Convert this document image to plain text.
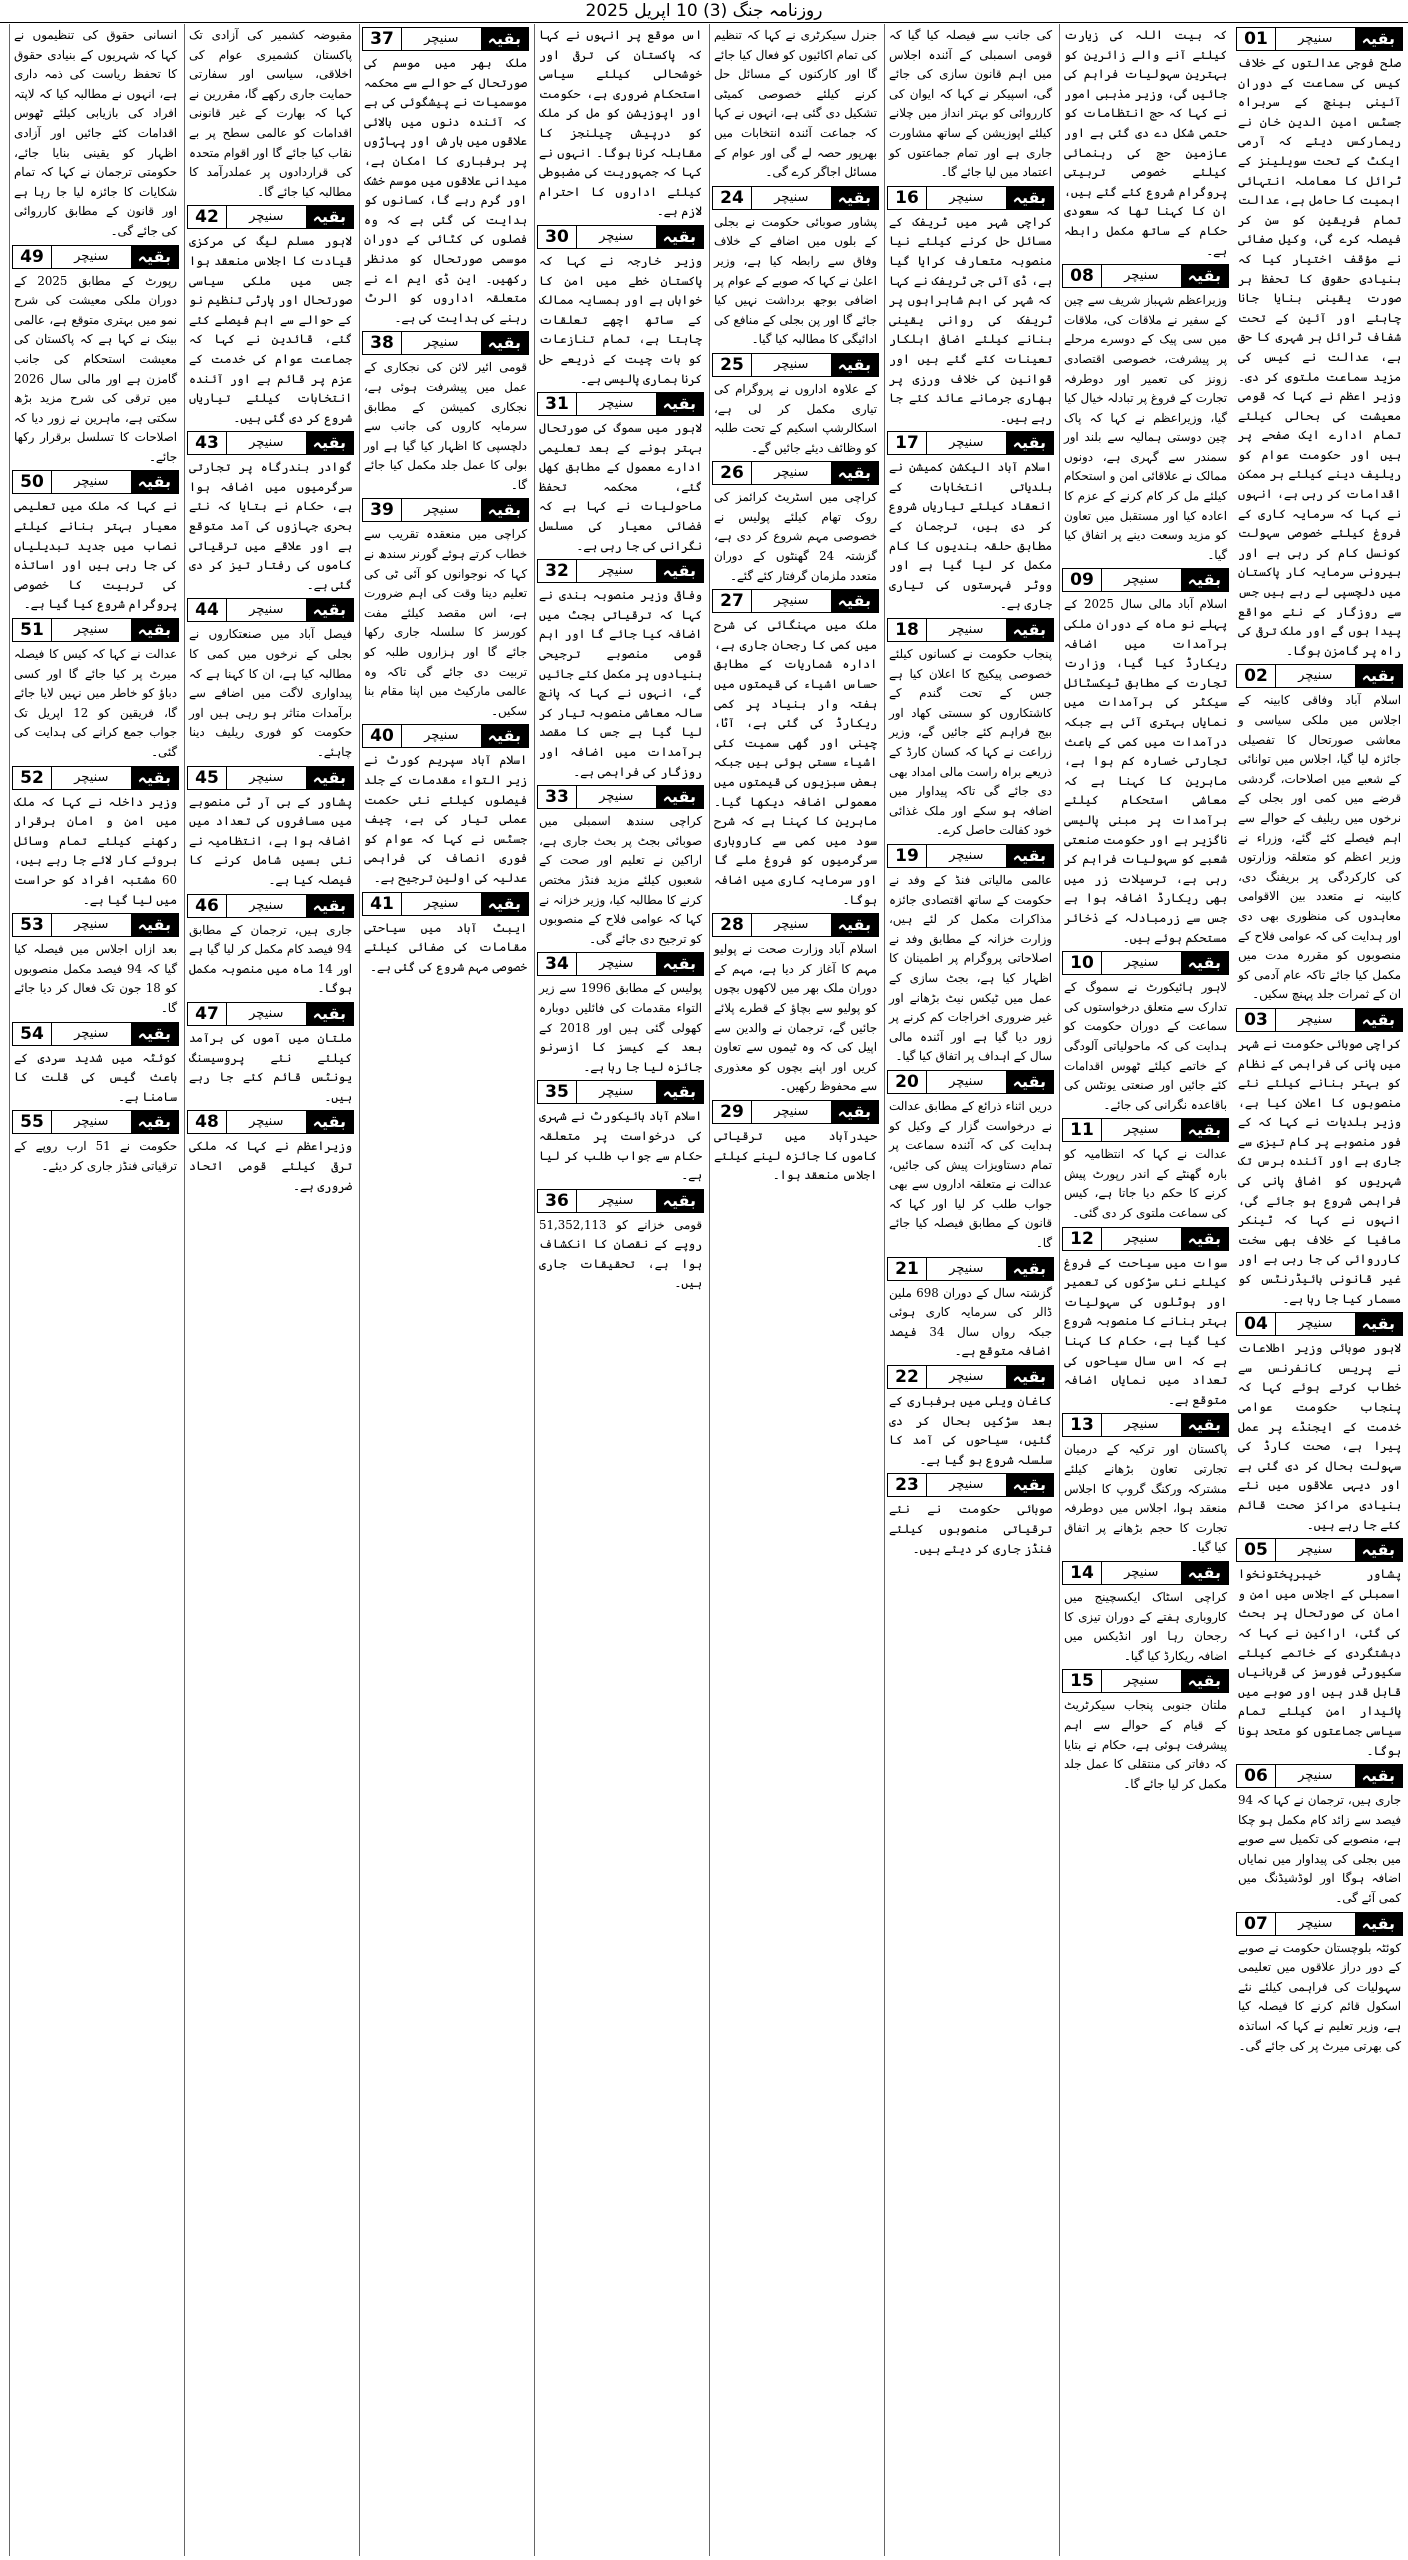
روزنامہ جنگ (3) 10 اپریل 2025
01	سنیچر	بقیہ
صلح فوجی عدالتوں کے خلاف کیس کی سماعت کے دوران آئینی بینچ کے سربراہ جسٹس امین الدین خان نے ریمارکس دیئے کہ آرمی ایکٹ کے تحت سویلینز کے ٹرائل کا معاملہ انتہائی اہمیت کا حامل ہے، عدالت تمام فریقین کو سن کر فیصلہ کرے گی، وکیل صفائی نے مؤقف اختیار کیا کہ بنیادی حقوق کا تحفظ ہر صورت یقینی بنایا جانا چاہئے اور آئین کے تحت شفاف ٹرائل ہر شہری کا حق ہے، عدالت نے کیس کی مزید سماعت ملتوی کر دی۔ وزیر اعظم نے کہا کہ قومی معیشت کی بحالی کیلئے تمام ادارے ایک صفحے پر ہیں اور حکومت عوام کو ریلیف دینے کیلئے ہر ممکن اقدامات کر رہی ہے، انہوں نے کہا کہ سرمایہ کاری کے فروغ کیلئے خصوصی سہولت کونسل کام کر رہی ہے اور بیرونی سرمایہ کار پاکستان میں دلچسپی لے رہے ہیں جس سے روزگار کے نئے مواقع پیدا ہوں گے اور ملک ترقی کی راہ پر گامزن ہوگا۔
02	سنیچر	بقیہ
اسلام آباد وفاقی کابینہ کے اجلاس میں ملکی سیاسی و معاشی صورتحال کا تفصیلی جائزہ لیا گیا، اجلاس میں توانائی کے شعبے میں اصلاحات، گردشی قرضے میں کمی اور بجلی کے نرخوں میں ریلیف کے حوالے سے اہم فیصلے کئے گئے، وزراء نے وزیر اعظم کو متعلقہ وزارتوں کی کارکردگی پر بریفنگ دی، کابینہ نے متعدد بین الاقوامی معاہدوں کی منظوری بھی دی اور ہدایت کی کہ عوامی فلاح کے منصوبوں کو مقررہ مدت میں مکمل کیا جائے تاکہ عام آدمی کو ان کے ثمرات جلد پہنچ سکیں۔
03	سنیچر	بقیہ
کراچی صوبائی حکومت نے شہر میں پانی کی فراہمی کے نظام کو بہتر بنانے کیلئے نئے منصوبوں کا اعلان کیا ہے، وزیر بلدیات نے کہا کہ کے فور منصوبے پر کام تیزی سے جاری ہے اور آئندہ برس تک شہریوں کو اضافی پانی کی فراہمی شروع ہو جائے گی، انہوں نے کہا کہ ٹینکر مافیا کے خلاف بھی سخت کارروائی کی جا رہی ہے اور غیر قانونی ہائیڈرنٹس کو مسمار کیا جا رہا ہے۔
04	سنیچر	بقیہ
لاہور صوبائی وزیر اطلاعات نے پریس کانفرنس سے خطاب کرتے ہوئے کہا کہ پنجاب حکومت عوامی خدمت کے ایجنڈے پر عمل پیرا ہے، صحت کارڈ کی سہولت بحال کر دی گئی ہے اور دیہی علاقوں میں نئے بنیادی مراکز صحت قائم کئے جا رہے ہیں۔
05	سنیچر	بقیہ
پشاور خیبرپختونخوا اسمبلی کے اجلاس میں امن و امان کی صورتحال پر بحث کی گئی، اراکین نے کہا کہ دہشتگردی کے خاتمے کیلئے سکیورٹی فورسز کی قربانیاں قابل قدر ہیں اور صوبے میں پائیدار امن کیلئے تمام سیاسی جماعتوں کو متحد ہونا ہوگا۔
06	سنیچر	بقیہ
جاری ہیں، ترجمان نے کہا کہ 94 فیصد سے زائد کام مکمل ہو چکا ہے، منصوبے کی تکمیل سے صوبے میں بجلی کی پیداوار میں نمایاں اضافہ ہوگا اور لوڈشیڈنگ میں کمی آئے گی۔
07	سنیچر	بقیہ
کوئٹہ بلوچستان حکومت نے صوبے کے دور دراز علاقوں میں تعلیمی سہولیات کی فراہمی کیلئے نئے اسکول قائم کرنے کا فیصلہ کیا ہے، وزیر تعلیم نے کہا کہ اساتذہ کی بھرتی میرٹ پر کی جائے گی۔
کہ بیت اللہ کی زیارت کیلئے آنے والے زائرین کو بہترین سہولیات فراہم کی جائیں گی، وزیر مذہبی امور نے کہا کہ حج انتظامات کو حتمی شکل دے دی گئی ہے اور عازمین حج کی رہنمائی کیلئے خصوصی تربیتی پروگرام شروع کئے گئے ہیں، ان کا کہنا تھا کہ سعودی حکام کے ساتھ مکمل رابطہ ہے۔
08	سنیچر	بقیہ
وزیراعظم شہباز شریف سے چین کے سفیر نے ملاقات کی، ملاقات میں سی پیک کے دوسرے مرحلے پر پیشرفت، خصوصی اقتصادی زونز کی تعمیر اور دوطرفہ تجارت کے فروغ پر تبادلہ خیال کیا گیا، وزیراعظم نے کہا کہ پاک چین دوستی ہمالیہ سے بلند اور سمندر سے گہری ہے، دونوں ممالک نے علاقائی امن و استحکام کیلئے مل کر کام کرنے کے عزم کا اعادہ کیا اور مستقبل میں تعاون کو مزید وسعت دینے پر اتفاق کیا گیا۔
09	سنیچر	بقیہ
اسلام آباد مالی سال 2025 کے پہلے نو ماہ کے دوران ملکی برآمدات میں اضافہ ریکارڈ کیا گیا، وزارت تجارت کے مطابق ٹیکسٹائل سیکٹر کی برآمدات میں نمایاں بہتری آئی ہے جبکہ درآمدات میں کمی کے باعث تجارتی خسارہ کم ہوا ہے، ماہرین کا کہنا ہے کہ معاشی استحکام کیلئے برآمدات پر مبنی پالیسی ناگزیر ہے اور حکومت صنعتی شعبے کو سہولیات فراہم کر رہی ہے، ترسیلات زر میں بھی ریکارڈ اضافہ ہوا ہے جس سے زرمبادلہ کے ذخائر مستحکم ہوئے ہیں۔
10	سنیچر	بقیہ
لاہور ہائیکورٹ نے سموگ کے تدارک سے متعلق درخواستوں کی سماعت کے دوران حکومت کو ہدایت کی کہ ماحولیاتی آلودگی کے خاتمے کیلئے ٹھوس اقدامات کئے جائیں اور صنعتی یونٹس کی باقاعدہ نگرانی کی جائے۔
11	سنیچر	بقیہ
عدالت نے کہا کہ انتظامیہ کو بارہ گھنٹے کے اندر رپورٹ پیش کرنے کا حکم دیا جاتا ہے، کیس کی سماعت ملتوی کر دی گئی۔
12	سنیچر	بقیہ
سوات میں سیاحت کے فروغ کیلئے نئی سڑکوں کی تعمیر اور ہوٹلوں کی سہولیات بہتر بنانے کا منصوبہ شروع کیا گیا ہے، حکام کا کہنا ہے کہ اس سال سیاحوں کی تعداد میں نمایاں اضافہ متوقع ہے۔
13	سنیچر	بقیہ
پاکستان اور ترکیہ کے درمیان تجارتی تعاون بڑھانے کیلئے مشترکہ ورکنگ گروپ کا اجلاس منعقد ہوا، اجلاس میں دوطرفہ تجارت کا حجم بڑھانے پر اتفاق کیا گیا۔
14	سنیچر	بقیہ
کراچی اسٹاک ایکسچینج میں کاروباری ہفتے کے دوران تیزی کا رجحان رہا اور انڈیکس میں اضافہ ریکارڈ کیا گیا۔
15	سنیچر	بقیہ
ملتان جنوبی پنجاب سیکرٹریٹ کے قیام کے حوالے سے اہم پیشرفت ہوئی ہے، حکام نے بتایا کہ دفاتر کی منتقلی کا عمل جلد مکمل کر لیا جائے گا۔
کی جانب سے فیصلہ کیا گیا کہ قومی اسمبلی کے آئندہ اجلاس میں اہم قانون سازی کی جائے گی، اسپیکر نے کہا کہ ایوان کی کارروائی کو بہتر انداز میں چلانے کیلئے اپوزیشن کے ساتھ مشاورت جاری ہے اور تمام جماعتوں کو اعتماد میں لیا جائے گا۔
16	سنیچر	بقیہ
کراچی شہر میں ٹریفک کے مسائل حل کرنے کیلئے نیا منصوبہ متعارف کرایا گیا ہے، ڈی آئی جی ٹریفک نے کہا کہ شہر کی اہم شاہراہوں پر ٹریفک کی روانی یقینی بنانے کیلئے اضافی اہلکار تعینات کئے گئے ہیں اور قوانین کی خلاف ورزی پر بھاری جرمانے عائد کئے جا رہے ہیں۔
17	سنیچر	بقیہ
اسلام آباد الیکشن کمیشن نے بلدیاتی انتخابات کے انعقاد کیلئے تیاریاں شروع کر دی ہیں، ترجمان کے مطابق حلقہ بندیوں کا کام مکمل کر لیا گیا ہے اور ووٹر فہرستوں کی تیاری جاری ہے۔
18	سنیچر	بقیہ
پنجاب حکومت نے کسانوں کیلئے خصوصی پیکیج کا اعلان کیا ہے جس کے تحت گندم کے کاشتکاروں کو سستی کھاد اور بیج فراہم کئے جائیں گے، وزیر زراعت نے کہا کہ کسان کارڈ کے ذریعے براہ راست مالی امداد بھی دی جائے گی تاکہ پیداوار میں اضافہ ہو سکے اور ملک غذائی خود کفالت حاصل کرے۔
19	سنیچر	بقیہ
عالمی مالیاتی فنڈ کے وفد نے حکومت کے ساتھ اقتصادی جائزہ مذاکرات مکمل کر لئے ہیں، وزارت خزانہ کے مطابق وفد نے اصلاحاتی پروگرام پر اطمینان کا اظہار کیا ہے، بجٹ سازی کے عمل میں ٹیکس نیٹ بڑھانے اور غیر ضروری اخراجات کم کرنے پر زور دیا گیا ہے اور آئندہ مالی سال کے اہداف پر اتفاق کیا گیا۔
20	سنیچر	بقیہ
دریں اثناء ذرائع کے مطابق عدالت نے درخواست گزار کے وکیل کو ہدایت کی کہ آئندہ سماعت پر تمام دستاویزات پیش کی جائیں، عدالت نے متعلقہ اداروں سے بھی جواب طلب کر لیا اور کہا کہ قانون کے مطابق فیصلہ کیا جائے گا۔
21	سنیچر	بقیہ
گزشتہ سال کے دوران 698 ملین ڈالر کی سرمایہ کاری ہوئی جبکہ رواں سال 34 فیصد اضافہ متوقع ہے۔
22	سنیچر	بقیہ
کاغان ویلی میں برفباری کے بعد سڑکیں بحال کر دی گئیں، سیاحوں کی آمد کا سلسلہ شروع ہو گیا ہے۔
23	سنیچر	بقیہ
صوبائی حکومت نے نئے ترقیاتی منصوبوں کیلئے فنڈز جاری کر دیئے ہیں۔
جنرل سیکرٹری نے کہا کہ تنظیم کی تمام اکائیوں کو فعال کیا جائے گا اور کارکنوں کے مسائل حل کرنے کیلئے خصوصی کمیٹی تشکیل دی گئی ہے، انہوں نے کہا کہ جماعت آئندہ انتخابات میں بھرپور حصہ لے گی اور عوام کے مسائل اجاگر کرے گی۔
24	سنیچر	بقیہ
پشاور صوبائی حکومت نے بجلی کے بلوں میں اضافے کے خلاف وفاق سے رابطہ کیا ہے، وزیر اعلیٰ نے کہا کہ صوبے کے عوام پر اضافی بوجھ برداشت نہیں کیا جائے گا اور پن بجلی کے منافع کی ادائیگی کا مطالبہ کیا گیا۔
25	سنیچر	بقیہ
کے علاوہ اداروں نے پروگرام کی تیاری مکمل کر لی ہے، اسکالرشپ اسکیم کے تحت طلبہ کو وظائف دیئے جائیں گے۔
26	سنیچر	بقیہ
کراچی میں اسٹریٹ کرائمز کی روک تھام کیلئے پولیس نے خصوصی مہم شروع کر دی ہے، گزشتہ 24 گھنٹوں کے دوران متعدد ملزمان گرفتار کئے گئے۔
27	سنیچر	بقیہ
ملک میں مہنگائی کی شرح میں کمی کا رجحان جاری ہے، ادارہ شماریات کے مطابق حساس اشیاء کی قیمتوں میں ہفتہ وار بنیاد پر کمی ریکارڈ کی گئی ہے، آٹا، چینی اور گھی سمیت کئی اشیاء سستی ہوئی ہیں جبکہ بعض سبزیوں کی قیمتوں میں معمولی اضافہ دیکھا گیا۔ ماہرین کا کہنا ہے کہ شرح سود میں کمی سے کاروباری سرگرمیوں کو فروغ ملے گا اور سرمایہ کاری میں اضافہ ہوگا۔
28	سنیچر	بقیہ
اسلام آباد وزارت صحت نے پولیو مہم کا آغاز کر دیا ہے، مہم کے دوران ملک بھر میں لاکھوں بچوں کو پولیو سے بچاؤ کے قطرے پلائے جائیں گے، ترجمان نے والدین سے اپیل کی کہ وہ ٹیموں سے تعاون کریں اور اپنے بچوں کو معذوری سے محفوظ رکھیں۔
29	سنیچر	بقیہ
حیدرآباد میں ترقیاتی کاموں کا جائزہ لینے کیلئے اجلاس منعقد ہوا۔
اس موقع پر انہوں نے کہا کہ پاکستان کی ترقی اور خوشحالی کیلئے سیاسی استحکام ضروری ہے، حکومت اور اپوزیشن کو مل کر ملک کو درپیش چیلنجز کا مقابلہ کرنا ہوگا۔ انہوں نے کہا کہ جمہوریت کی مضبوطی کیلئے اداروں کا احترام لازم ہے۔
30	سنیچر	بقیہ
وزیر خارجہ نے کہا کہ پاکستان خطے میں امن کا خواہاں ہے اور ہمسایہ ممالک کے ساتھ اچھے تعلقات چاہتا ہے، تمام تنازعات کو بات چیت کے ذریعے حل کرنا ہماری پالیسی ہے۔
31	سنیچر	بقیہ
لاہور میں سموگ کی صورتحال بہتر ہونے کے بعد تعلیمی ادارے معمول کے مطابق کھل گئے، محکمہ تحفظ ماحولیات نے کہا ہے کہ فضائی معیار کی مسلسل نگرانی کی جا رہی ہے۔
32	سنیچر	بقیہ
وفاقی وزیر منصوبہ بندی نے کہا کہ ترقیاتی بجٹ میں اضافہ کیا جائے گا اور اہم قومی منصوبے ترجیحی بنیادوں پر مکمل کئے جائیں گے، انہوں نے کہا کہ پانچ سالہ معاشی منصوبہ تیار کر لیا گیا ہے جس کا مقصد برآمدات میں اضافہ اور روزگار کی فراہمی ہے۔
33	سنیچر	بقیہ
کراچی سندھ اسمبلی میں صوبائی بجٹ پر بحث جاری ہے، اراکین نے تعلیم اور صحت کے شعبوں کیلئے مزید فنڈز مختص کرنے کا مطالبہ کیا، وزیر خزانہ نے کہا کہ عوامی فلاح کے منصوبوں کو ترجیح دی جائے گی۔
34	سنیچر	بقیہ
پولیس کے مطابق 1996 سے زیر التواء مقدمات کی فائلیں دوبارہ کھولی گئی ہیں اور 2018 کے بعد کے کیسز کا ازسرنو جائزہ لیا جا رہا ہے۔
35	سنیچر	بقیہ
اسلام آباد ہائیکورٹ نے شہری کی درخواست پر متعلقہ حکام سے جواب طلب کر لیا ہے۔
36	سنیچر	بقیہ
قومی خزانے کو 51,352,113 روپے کے نقصان کا انکشاف ہوا ہے، تحقیقات جاری ہیں۔
37	سنیچر	بقیہ
ملک بھر میں موسم کی صورتحال کے حوالے سے محکمہ موسمیات نے پیشگوئی کی ہے کہ آئندہ دنوں میں بالائی علاقوں میں بارش اور پہاڑوں پر برفباری کا امکان ہے، میدانی علاقوں میں موسم خشک اور گرم رہے گا، کسانوں کو ہدایت کی گئی ہے کہ وہ فصلوں کی کٹائی کے دوران موسمی صورتحال کو مدنظر رکھیں۔ این ڈی ایم اے نے متعلقہ اداروں کو الرٹ رہنے کی ہدایت کی ہے۔
38	سنیچر	بقیہ
قومی ائیر لائن کی نجکاری کے عمل میں پیشرفت ہوئی ہے، نجکاری کمیشن کے مطابق سرمایہ کاروں کی جانب سے دلچسپی کا اظہار کیا گیا ہے اور بولی کا عمل جلد مکمل کیا جائے گا۔
39	سنیچر	بقیہ
کراچی میں منعقدہ تقریب سے خطاب کرتے ہوئے گورنر سندھ نے کہا کہ نوجوانوں کو آئی ٹی کی تعلیم دینا وقت کی اہم ضرورت ہے، اس مقصد کیلئے مفت کورسز کا سلسلہ جاری رکھا جائے گا اور ہزاروں طلبہ کو تربیت دی جائے گی تاکہ وہ عالمی مارکیٹ میں اپنا مقام بنا سکیں۔
40	سنیچر	بقیہ
اسلام آباد سپریم کورٹ نے زیر التواء مقدمات کے جلد فیصلوں کیلئے نئی حکمت عملی تیار کی ہے، چیف جسٹس نے کہا کہ عوام کو فوری انصاف کی فراہمی عدلیہ کی اولین ترجیح ہے۔
41	سنیچر	بقیہ
ایبٹ آباد میں سیاحتی مقامات کی صفائی کیلئے خصوصی مہم شروع کی گئی ہے۔
مقبوضہ کشمیر کی آزادی تک پاکستان کشمیری عوام کی اخلاقی، سیاسی اور سفارتی حمایت جاری رکھے گا، مقررین نے کہا کہ بھارت کے غیر قانونی اقدامات کو عالمی سطح پر بے نقاب کیا جائے گا اور اقوام متحدہ کی قراردادوں پر عملدرآمد کا مطالبہ کیا جائے گا۔
42	سنیچر	بقیہ
لاہور مسلم لیگ کی مرکزی قیادت کا اجلاس منعقد ہوا جس میں ملکی سیاسی صورتحال اور پارٹی تنظیم نو کے حوالے سے اہم فیصلے کئے گئے، قائدین نے کہا کہ جماعت عوام کی خدمت کے عزم پر قائم ہے اور آئندہ انتخابات کیلئے تیاریاں شروع کر دی گئی ہیں۔
43	سنیچر	بقیہ
گوادر بندرگاہ پر تجارتی سرگرمیوں میں اضافہ ہوا ہے، حکام نے بتایا کہ نئے بحری جہازوں کی آمد متوقع ہے اور علاقے میں ترقیاتی کاموں کی رفتار تیز کر دی گئی ہے۔
44	سنیچر	بقیہ
فیصل آباد میں صنعتکاروں نے بجلی کے نرخوں میں کمی کا مطالبہ کیا ہے، ان کا کہنا ہے کہ پیداواری لاگت میں اضافے سے برآمدات متاثر ہو رہی ہیں اور حکومت کو فوری ریلیف دینا چاہئے۔
45	سنیچر	بقیہ
پشاور کے بی آر ٹی منصوبے میں مسافروں کی تعداد میں اضافہ ہوا ہے، انتظامیہ نے نئی بسیں شامل کرنے کا فیصلہ کیا ہے۔
46	سنیچر	بقیہ
جاری ہیں، ترجمان کے مطابق 94 فیصد کام مکمل کر لیا گیا ہے اور 14 ماہ میں منصوبہ مکمل ہوگا۔
47	سنیچر	بقیہ
ملتان میں آموں کی برآمد کیلئے نئے پروسیسنگ یونٹس قائم کئے جا رہے ہیں۔
48	سنیچر	بقیہ
وزیراعظم نے کہا کہ ملکی ترقی کیلئے قومی اتحاد ضروری ہے۔
انسانی حقوق کی تنظیموں نے کہا کہ شہریوں کے بنیادی حقوق کا تحفظ ریاست کی ذمہ داری ہے، انہوں نے مطالبہ کیا کہ لاپتہ افراد کی بازیابی کیلئے ٹھوس اقدامات کئے جائیں اور آزادی اظہار کو یقینی بنایا جائے، حکومتی ترجمان نے کہا کہ تمام شکایات کا جائزہ لیا جا رہا ہے اور قانون کے مطابق کارروائی کی جائے گی۔
49	سنیچر	بقیہ
رپورٹ کے مطابق 2025 کے دوران ملکی معیشت کی شرح نمو میں بہتری متوقع ہے، عالمی بینک نے کہا ہے کہ پاکستان کی معیشت استحکام کی جانب گامزن ہے اور مالی سال 2026 میں ترقی کی شرح مزید بڑھ سکتی ہے، ماہرین نے زور دیا کہ اصلاحات کا تسلسل برقرار رکھا جائے۔
50	سنیچر	بقیہ
نے کہا کہ ملک میں تعلیمی معیار بہتر بنانے کیلئے نصاب میں جدید تبدیلیاں کی جا رہی ہیں اور اساتذہ کی تربیت کا خصوصی پروگرام شروع کیا گیا ہے۔
51	سنیچر	بقیہ
عدالت نے کہا کہ کیس کا فیصلہ میرٹ پر کیا جائے گا اور کسی دباؤ کو خاطر میں نہیں لایا جائے گا، فریقین کو 12 اپریل تک جواب جمع کرانے کی ہدایت کی گئی۔
52	سنیچر	بقیہ
وزیر داخلہ نے کہا کہ ملک میں امن و امان برقرار رکھنے کیلئے تمام وسائل بروئے کار لائے جا رہے ہیں، 60 مشتبہ افراد کو حراست میں لیا گیا ہے۔
53	سنیچر	بقیہ
بعد ازاں اجلاس میں فیصلہ کیا گیا کہ 94 فیصد مکمل منصوبوں کو 18 جون تک فعال کر دیا جائے گا۔
54	سنیچر	بقیہ
کوئٹہ میں شدید سردی کے باعث گیس کی قلت کا سامنا ہے۔
55	سنیچر	بقیہ
حکومت نے 51 ارب روپے کے ترقیاتی فنڈز جاری کر دیئے۔
